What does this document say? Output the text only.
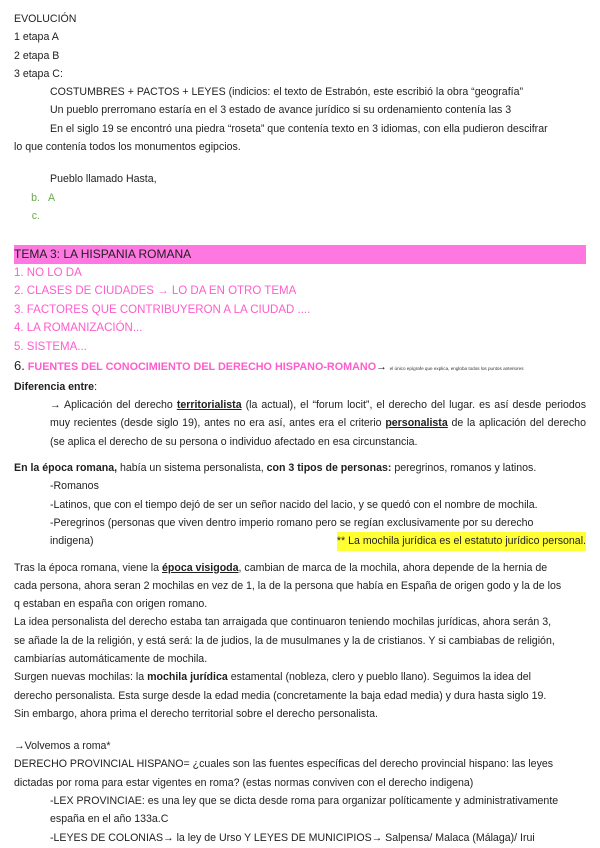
EVOLUCIÓN
1 etapa A
2 etapa B
3 etapa C:
COSTUMBRES + PACTOS + LEYES (indicios: el texto de Estrabón, este escribió la obra “geografía”
Un pueblo prerromano estaría en el 3 estado de avance jurídico si su ordenamiento contenía las 3
En el siglo 19 se encontró una piedra “roseta” que contenía texto en 3 idiomas, con ella pudieron descifrar
lo que contenía todos los monumentos egipcios.
Pueblo llamado Hasta,
b. A
c.
TEMA 3: LA HISPANIA ROMANA
1. NO LO DA
2. CLASES DE CIUDADES → LO DA EN OTRO TEMA
3. FACTORES QUE CONTRIBUYERON A LA CIUDAD ....
4. LA ROMANIZACIÓN...
5. SISTEMA...
6. FUENTES DEL CONOCIMIENTO DEL DERECHO HISPANO-ROMANO→ el único epígrafe que explica, engloba todos los puntos anteriores
Diferencia entre:
→ Aplicación del derecho territorialista (la actual), el “forum locit”, el derecho del lugar. es así desde periodos muy recientes (desde siglo 19), antes no era así, antes era el criterio personalista de la aplicación del derecho (se aplica el derecho de su persona o individuo afectado en esa circunstancia.
En la época romana, había un sistema personalista, con 3 tipos de personas: peregrinos, romanos y latinos.
-Romanos
-Latinos, que con el tiempo dejó de ser un señor nacido del lacio, y se quedó con el nombre de mochila.
-Peregrinos (personas que viven dentro imperio romano pero se regían exclusivamente por su derecho
indigena)	** La mochila jurídica es el estatuto jurídico personal.
Tras la época romana, viene la época visigoda, cambian de marca de la mochila, ahora depende de la hernia de
cada persona, ahora seran 2 mochilas en vez de 1, la de la persona que había en España de origen godo y la de los
q estaban en españa con origen romano.
La idea personalista del derecho estaba tan arraigada que continuaron teniendo mochilas jurídicas, ahora serán 3,
se añade la de la religión, y está será: la de judios, la de musulmanes y la de cristianos. Y si cambiabas de religión,
cambiarías automáticamente de mochila.
Surgen nuevas mochilas: la mochila jurídica estamental (nobleza, clero y pueblo llano). Seguimos la idea del
derecho personalista. Esta surge desde la edad media (concretamente la baja edad media) y dura hasta siglo 19.
Sin embargo, ahora prima el derecho territorial sobre el derecho personalista.
→Volvemos a roma*
DERECHO PROVINCIAL HISPANO= ¿cuales son las fuentes específicas del derecho provincial hispano: las leyes
dictadas por roma para estar vigentes en roma? (estas normas conviven con el derecho indigena)
-LEX PROVINCIAE: es una ley que se dicta desde roma para organizar políticamente y administrativamente
españa en el año 133a.C
-LEYES DE COLONIAS→ la ley de Urso Y LEYES DE MUNICIPIOS→ Salpensa/ Malaca (Málaga)/ Irui
